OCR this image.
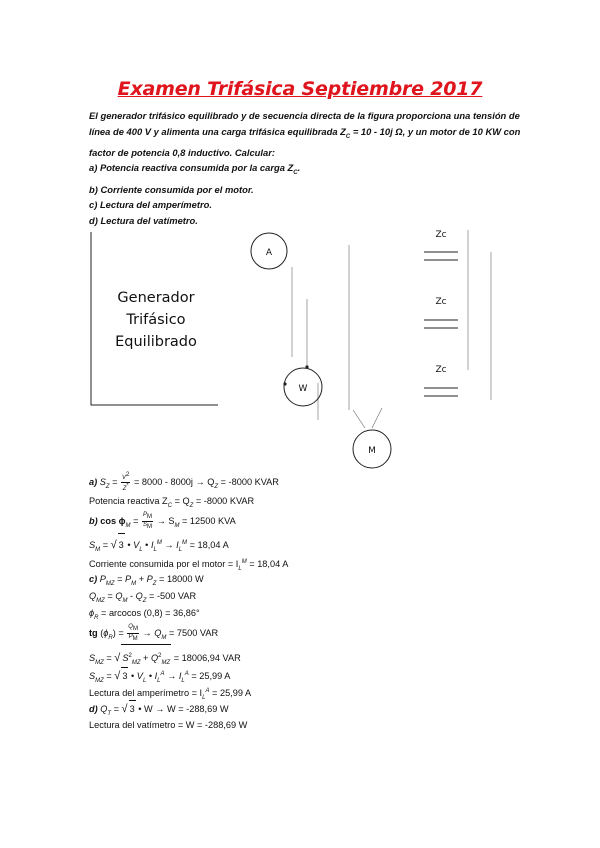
Examen Trifásica Septiembre 2017
El generador trifásico equilibrado y de secuencia directa de la figura proporciona una tensión de
línea de 400 V y alimenta una carga trifásica equilibrada $Z_C = 10 - 10j$ Ω, y un motor de 10 KW con
factor de potencia 0,8 inductivo. Calcular:
a) Potencia reactiva consumida por la carga $Z_C$.
b) Corriente consumida por el motor.
c) Lectura del amperímetro.
d) Lectura del vatímetro.
A
W
M
Zc
Zc
Zc
Generador
Trifásico
Equilibrado
a) $S_Z = \frac{V^2}{Z^*} = 8000 - 8000j \to Q_Z = -8000$ KVAR
Potencia reactiva $Z_C = Q_Z = -8000$ KVAR
b) $\cos \phi_M = \frac{P_M}{S_M} \to S_M = 12500$ KVA
$S_M$ = √ 3 • $V_L$ • $I_L^M \to I_L^M = 18,04$ A
Corriente consumida por el motor = $I_L^M = 18,04$ A
c) $P_{MZ} = P_M + P_Z = 18000$ W
$Q_{MZ} = Q_M - Q_Z = -500$ VAR
$\phi_R$ = arcocos (0,8) = 36,86°
tg $(\phi_R) = \frac{Q_M}{P_M} \to Q_M = 7500$ VAR
$S_{MZ}$ = √ $S^2_{MZ} + Q^2_{MZ} = 18006,94$ VAR
$S_{MZ}$ = √ 3 • $V_L$ • $I_L^A \to I_L^A = 25,99$ A
Lectura del amperímetro = $I_L^A = 25,99$ A
d) $Q_T$ = √ 3 • W → W = -288,69 W
Lectura del vatímetro = W = -288,69 W
